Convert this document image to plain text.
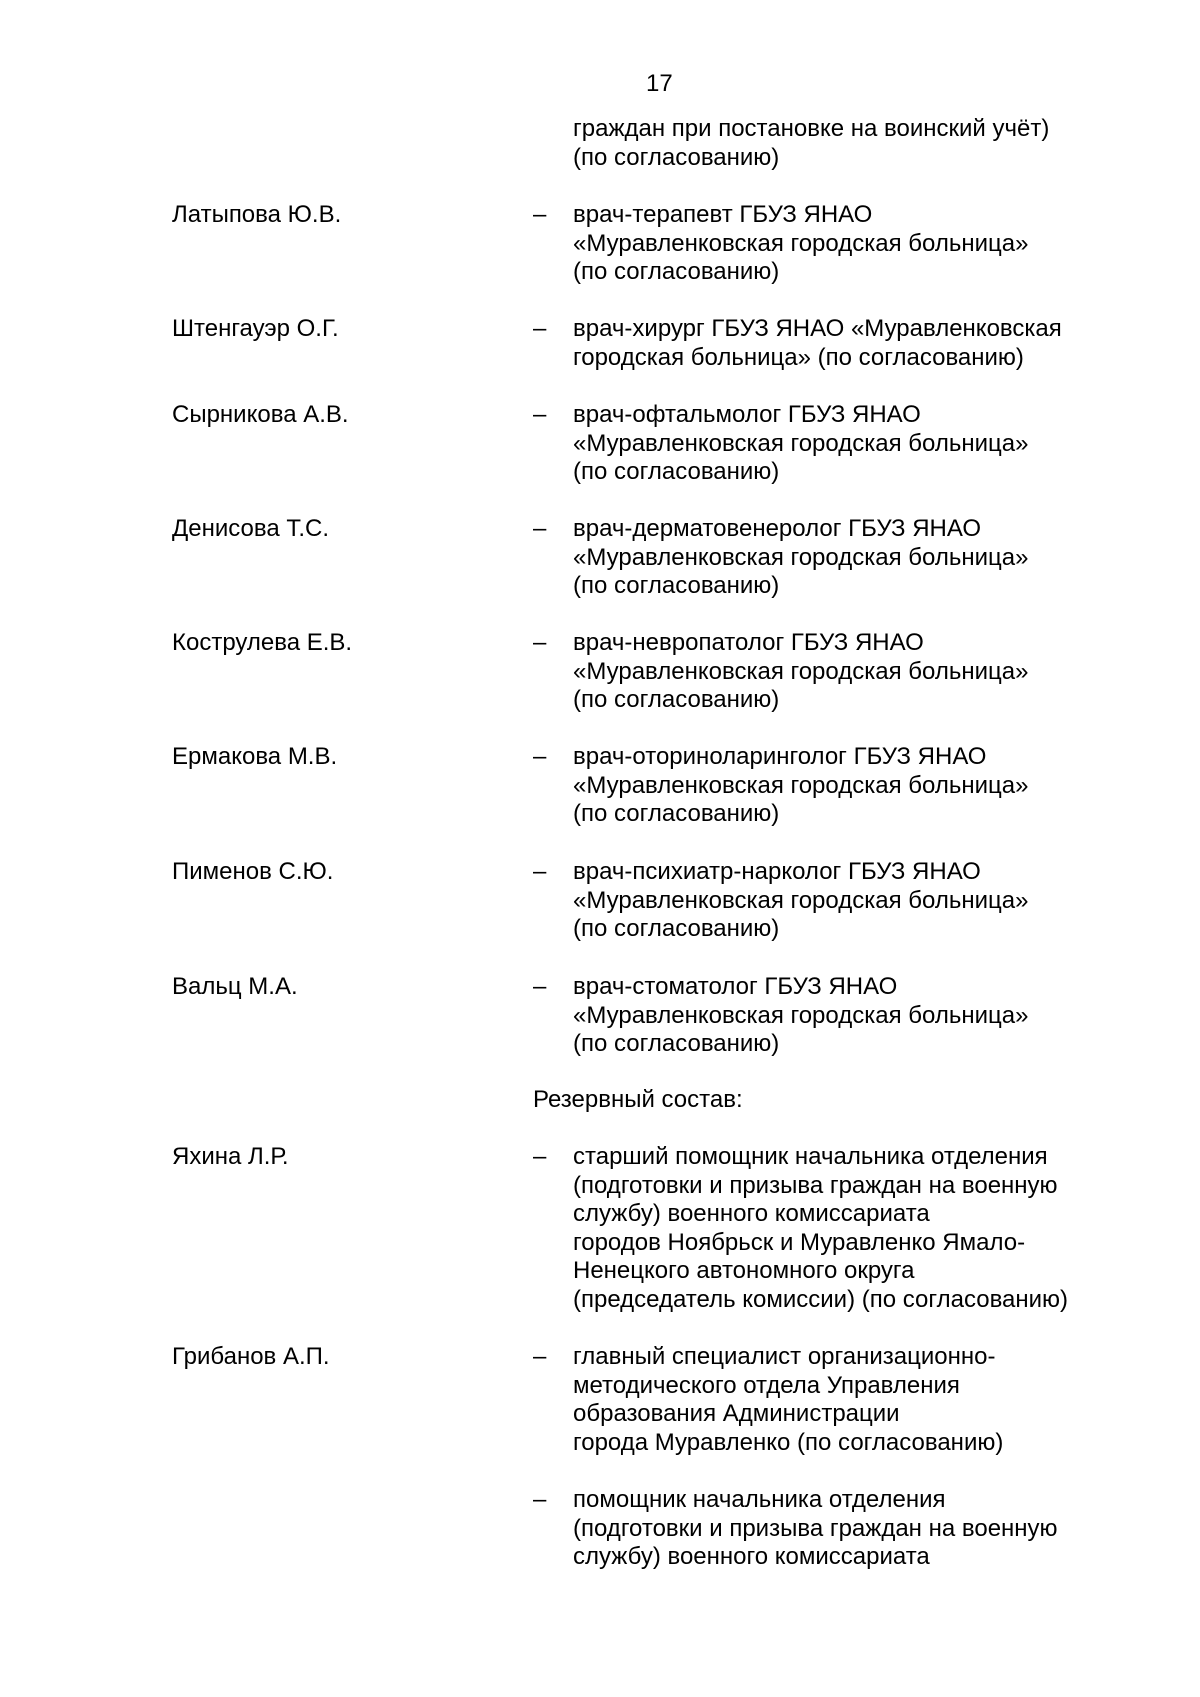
17
граждан при постановке на воинский учёт)
(по согласованию)
Латыпова Ю.В.	– врач-терапевт ГБУЗ ЯНАО
«Муравленковская городская больница»
(по согласованию)
Штенгауэр О.Г.	– врач-хирург ГБУЗ ЯНАО «Муравленковская
городская больница» (по согласованию)
Сырникова А.В.	– врач-офтальмолог ГБУЗ ЯНАО
«Муравленковская городская больница»
(по согласованию)
Денисова Т.С.	– врач-дерматовенеролог ГБУЗ ЯНАО
«Муравленковская городская больница»
(по согласованию)
Кострулева Е.В.	– врач-невропатолог ГБУЗ ЯНАО
«Муравленковская городская больница»
(по согласованию)
Ермакова М.В.	– врач-оториноларинголог ГБУЗ ЯНАО
«Муравленковская городская больница»
(по согласованию)
Пименов С.Ю.	– врач-психиатр-нарколог ГБУЗ ЯНАО
«Муравленковская городская больница»
(по согласованию)
Вальц М.А.	– врач-стоматолог ГБУЗ ЯНАО
«Муравленковская городская больница»
(по согласованию)
Резервный состав:
Яхина Л.Р.	– старший помощник начальника отделения
(подготовки и призыва граждан на военную
службу) военного комиссариата
городов Ноябрьск и Муравленко Ямало-
Ненецкого автономного округа
(председатель комиссии) (по согласованию)
Грибанов А.П.	– главный специалист организационно-
методического отдела Управления
образования Администрации
города Муравленко (по согласованию)
– помощник начальника отделения
(подготовки и призыва граждан на военную
службу) военного комиссариата
